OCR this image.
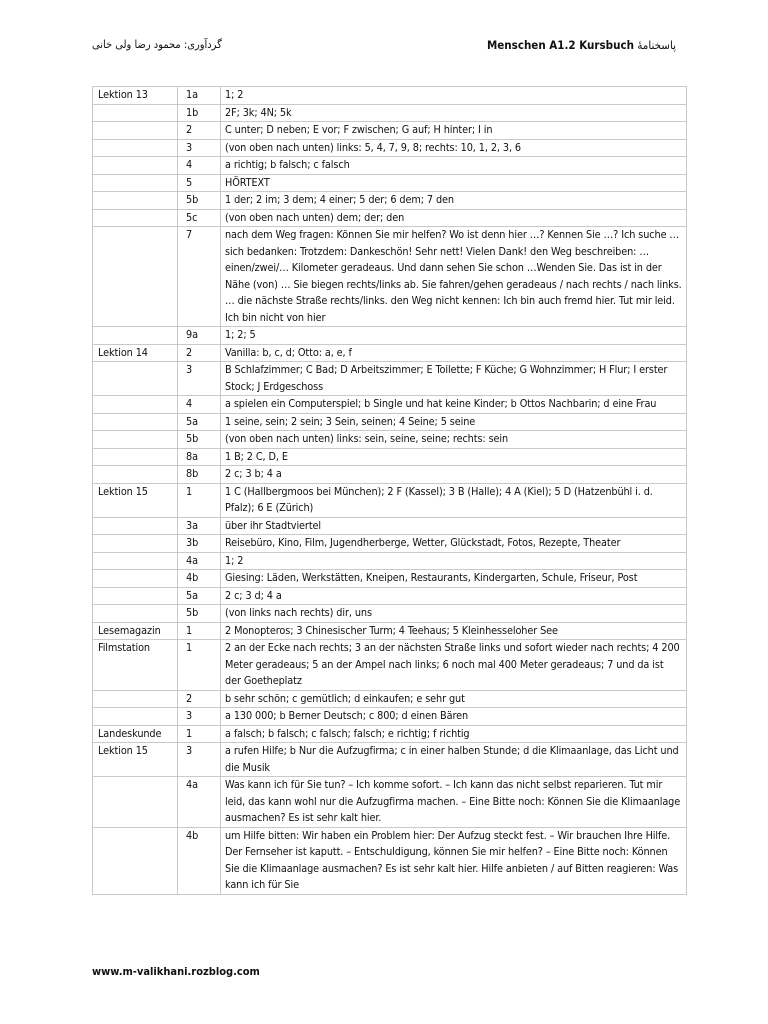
گردآوری: محمود رضا ولی خانی	Menschen A1.2 Kursbuch پاسخنامهٔ
Lektion 13	1a	1; 2
	1b	2F; 3k; 4N; 5k
	2	C unter; D neben; E vor; F zwischen; G auf; H hinter; I in
	3	(von oben nach unten) links: 5, 4, 7, 9, 8; rechts: 10, 1, 2, 3, 6
	4	a richtig; b falsch; c falsch
	5	HÖRTEXT
	5b	1 der; 2 im; 3 dem; 4 einer; 5 der; 6 dem; 7 den
	5c	(von oben nach unten) dem; der; den
	7	nach dem Weg fragen: Können Sie mir helfen? Wo ist denn hier …? Kennen Sie …? Ich suche … sich bedanken: Trotzdem: Dankeschön! Sehr nett! Vielen Dank! den Weg beschreiben: … einen/zwei/… Kilometer geradeaus. Und dann sehen Sie schon …Wenden Sie. Das ist in der Nähe (von) … Sie biegen rechts/links ab. Sie fahren/gehen geradeaus / nach rechts / nach links. … die nächste Straße rechts/links. den Weg nicht kennen: Ich bin auch fremd hier. Tut mir leid. Ich bin nicht von hier
	9a	1; 2; 5
Lektion 14	2	Vanilla: b, c, d; Otto: a, e, f
	3	B Schlafzimmer; C Bad; D Arbeitszimmer; E Toilette; F Küche; G Wohnzimmer; H Flur; I erster Stock; J Erdgeschoss
	4	a spielen ein Computerspiel; b Single und hat keine Kinder; b Ottos Nachbarin; d eine Frau
	5a	1 seine, sein; 2 sein; 3 Sein, seinen; 4 Seine; 5 seine
	5b	(von oben nach unten) links: sein, seine, seine; rechts: sein
	8a	1 B; 2 C, D, E
	8b	2 c; 3 b; 4 a
Lektion 15	1	1 C (Hallbergmoos bei München); 2 F (Kassel); 3 B (Halle); 4 A (Kiel); 5 D (Hatzenbühl i. d. Pfalz); 6 E (Zürich)
	3a	über ihr Stadtviertel
	3b	Reisebüro, Kino, Film, Jugendherberge, Wetter, Glückstadt, Fotos, Rezepte, Theater
	4a	1; 2
	4b	Giesing: Läden, Werkstätten, Kneipen, Restaurants, Kindergarten, Schule, Friseur, Post
	5a	2 c; 3 d; 4 a
	5b	(von links nach rechts) dir, uns
Lesemagazin	1	2 Monopteros; 3 Chinesischer Turm; 4 Teehaus; 5 Kleinhesseloher See
Filmstation	1	2 an der Ecke nach rechts; 3 an der nächsten Straße links und sofort wieder nach rechts; 4 200 Meter geradeaus; 5 an der Ampel nach links; 6 noch mal 400 Meter geradeaus; 7 und da ist der Goetheplatz
	2	b sehr schön; c gemütlich; d einkaufen; e sehr gut
	3	a 130 000; b Berner Deutsch; c 800; d einen Bären
Landeskunde	1	a falsch; b falsch; c falsch; falsch; e richtig; f richtig
Lektion 15	3	a rufen Hilfe; b Nur die Aufzugfirma; c in einer halben Stunde; d die Klimaanlage, das Licht und die Musik
	4a	Was kann ich für Sie tun? – Ich komme sofort. – Ich kann das nicht selbst reparieren. Tut mir leid, das kann wohl nur die Aufzugfirma machen. – Eine Bitte noch: Können Sie die Klimaanlage ausmachen? Es ist sehr kalt hier.
	4b	um Hilfe bitten: Wir haben ein Problem hier: Der Aufzug steckt fest. – Wir brauchen Ihre Hilfe. Der Fernseher ist kaputt. – Entschuldigung, können Sie mir helfen? – Eine Bitte noch: Können Sie die Klimaanlage ausmachen? Es ist sehr kalt hier. Hilfe anbieten / auf Bitten reagieren: Was kann ich für Sie
www.m-valikhani.rozblog.com
